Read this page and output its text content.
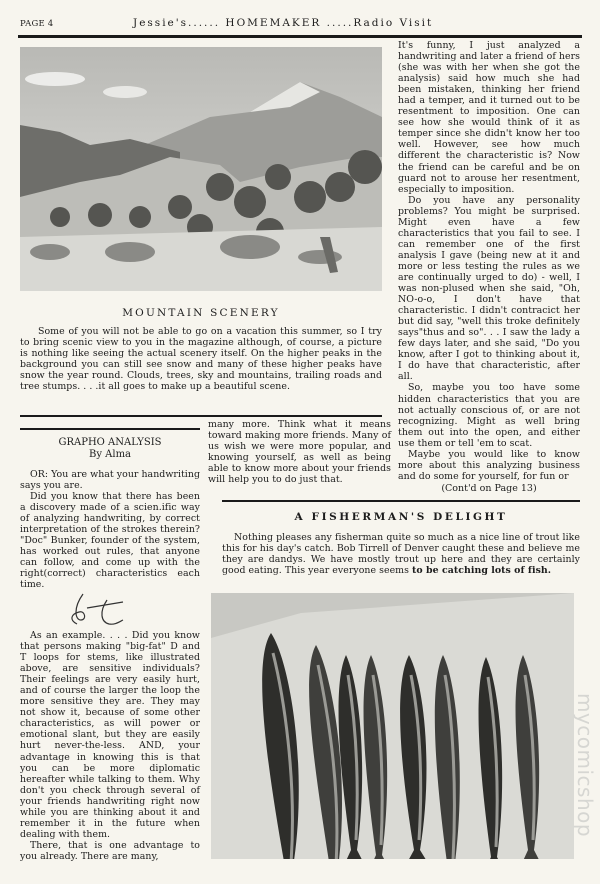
PAGE 4	Jessie's...... HOMEMAKER .....Radio Visit
MOUNTAIN SCENERY

Some of you will not be able to go on a vacation this summer, so I try to bring scenic view to you in the magazine although, of course, a picture is nothing like seeing the actual scenery itself. On the higher peaks in the background you can still see snow and many of these higher peaks have snow the year round. Clouds, trees, sky and mountains, trailing roads and tree stumps. . . .it all goes to make up a beautiful scene.

GRAPHO ANALYSIS
By Alma

OR: You are what your handwriting says you are.

Did you know that there has been a discovery made of a scien.ific way of analyzing handwriting, by correct interpretation of the strokes therein? "Doc" Bunker, founder of the system, has worked out rules, that anyone can follow, and come up with the right(correct) characteristics each time.

As an example. . . . Did you know that persons making "big-fat" D and T loops for stems, like illustrated above, are sensitive individuals? Their feelings are very easily hurt, and of course the larger the loop the more sensitive they are. They may not show it, because of some other characteristics, as will power or emotional slant, but they are easily hurt never-the-less. AND, your advantage in knowing this is that you can be more diplomatic hereafter while talking to them. Why don't you check through several of your friends handwriting right now while you are thinking about it and remember it in the future when dealing with them.

There, that is one advantage to you already. There are many,

many more. Think what it means toward making more friends. Many of us wish we were more popular, and knowing yourself, as well as being able to know more about your friends will help you to do just that.

It's funny, I just analyzed a handwriting and later a friend of hers (she was with her when she got the analysis) said how much she had been mistaken, thinking her friend had a temper, and it turned out to be resentment to imposition. One can see how she would think of it as temper since she didn't know her too well. However, see how much different the characteristic is? Now the friend can be careful and be on guard not to arouse her resentment, especially to imposition.

Do you have any personality problems? You might be surprised. Might even have a few characteristics that you fail to see. I can remember one of the first analysis I gave (being new at it and more or less testing the rules as we are continually urged to do) - well, I was non-plused when she said, "Oh, NO-o-o, I don't have that characteristic. I didn't contracict her but did say, "well this troke definitely says"thus and so". . . I saw the lady a few days later, and she said, "Do you know, after I got to thinking about it, I do have that characteristic, after all.

So, maybe you too have some hidden characteristics that you are not actually conscious of, or are not recognizing. Might as well bring them out into the open, and either use them or tell 'em to scat.

Maybe you would like to know more about this analyzing business and do some for yourself, for fun or

(Cont'd on Page 13)
A FISHERMAN'S DELIGHT

Nothing pleases any fisherman quite so much as a nice line of trout like this for his day's catch. Bob Tirrell of Denver caught these and believe me they are dandys. We have mostly trout up here and they are certainly good eating. This year everyone seems to be catching lots of fish.

mycomicshop
